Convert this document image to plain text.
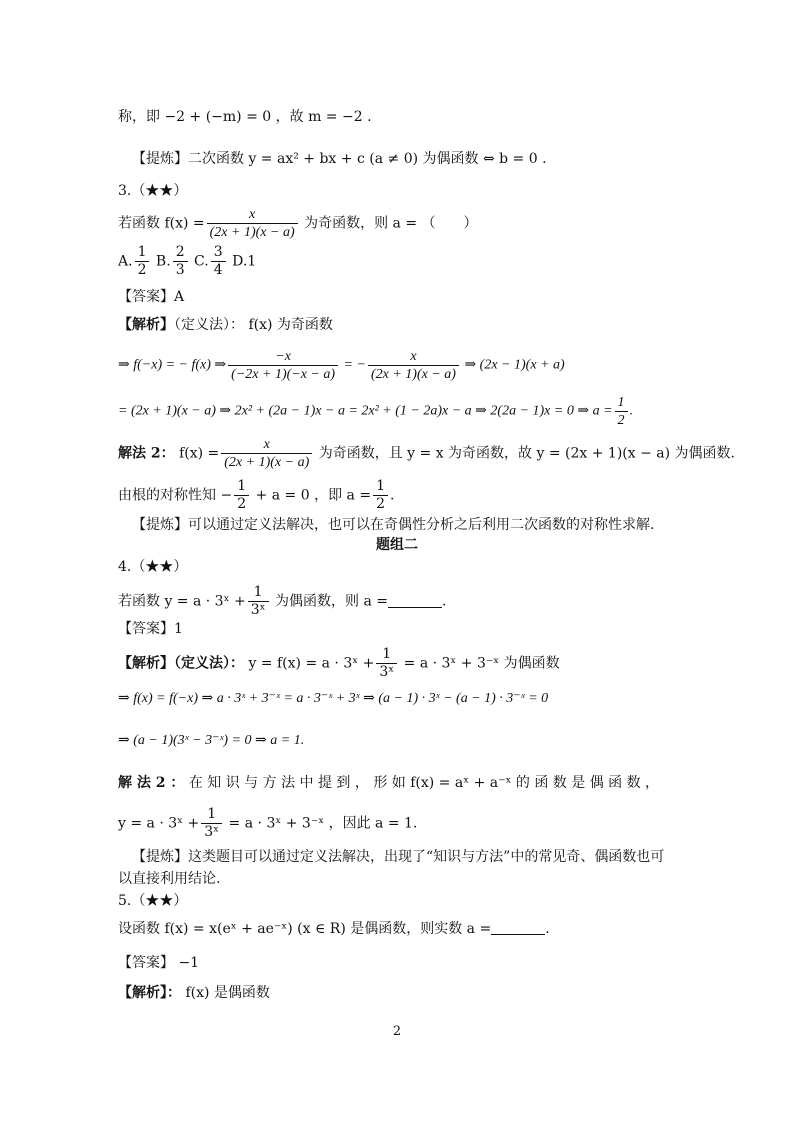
称，即 −2 + (−m) = 0 ，故 m = −2 .
【提炼】二次函数 y = ax² + bx + c (a ≠ 0) 为偶函数 ⇔ b = 0 .
3.（★★）
若函数 $f(x) = \frac{x}{(2x + 1)(x - a)}$ 为奇函数，则 a = （　　）
A. $\frac{1}{2} B$. $\frac{2}{3} C$. $\frac{3}{4} D.1$
【答案】A
【解析】（定义法）： f(x) 为奇函数
⇒ f(−x) = − f(x) ⇒ $\frac{-x}{(-2x + 1)(-x - a)}$ = − $\frac{x}{(2x + 1)(x - a)}$ ⇒ (2x − 1)(x + a)
= (2x + 1)(x − a) ⇒ 2x² + (2a − 1)x − a = 2x² + (1 − 2a)x − a ⇒ 2(2a − 1)x = 0 ⇒ $a = \frac{1}{2}$ .
解法 2： $f(x) = \frac{x}{(2x + 1)(x - a)}$ 为奇函数，且 y = x 为奇函数，故 y = (2x + 1)(x − a) 为偶函数.
由根的对称性知 − $\frac{1}{2} + a = 0$ ，即 $a = \frac{1}{2}$ .
【提炼】可以通过定义法解决，也可以在奇偶性分析之后利用二次函数的对称性求解.
题组二
4.（★★）
若函数 y = a · 3ˣ + $\frac{1}{\text{3ˣ}}$ 为偶函数，则 a =	.
【答案】1
【解析】（定义法）： y = f(x) = a · 3ˣ + $\frac{1}{\text{3ˣ}} = a$ · 3ˣ + 3⁻ˣ 为偶函数
⇒ f(x) = f(−x) ⇒ a · 3ˣ + 3⁻ˣ = a · 3⁻ˣ + 3ˣ ⇒ (a − 1) · 3ˣ − (a − 1) · 3⁻ˣ = 0
⇒ (a − 1)(3ˣ − 3⁻ˣ) = 0 ⇒ a = 1.
解 法 2 ： 在 知 识 与 方 法 中 提 到 ， 形 如 f(x) = aˣ + a⁻ˣ 的 函 数 是 偶 函 数 ，
y = a · 3ˣ + $\frac{1}{\text{3ˣ}} = a$ · 3ˣ + 3⁻ˣ ，因此 a = 1.
【提炼】这类题目可以通过定义法解决，出现了“知识与方法”中的常见奇、偶函数也可
以直接利用结论.
5.（★★）
设函数 f(x) = x(eˣ + ae⁻ˣ) (x ∈ R) 是偶函数，则实数 a =	.
【答案】 −1
【解析】： f(x) 是偶函数
2
